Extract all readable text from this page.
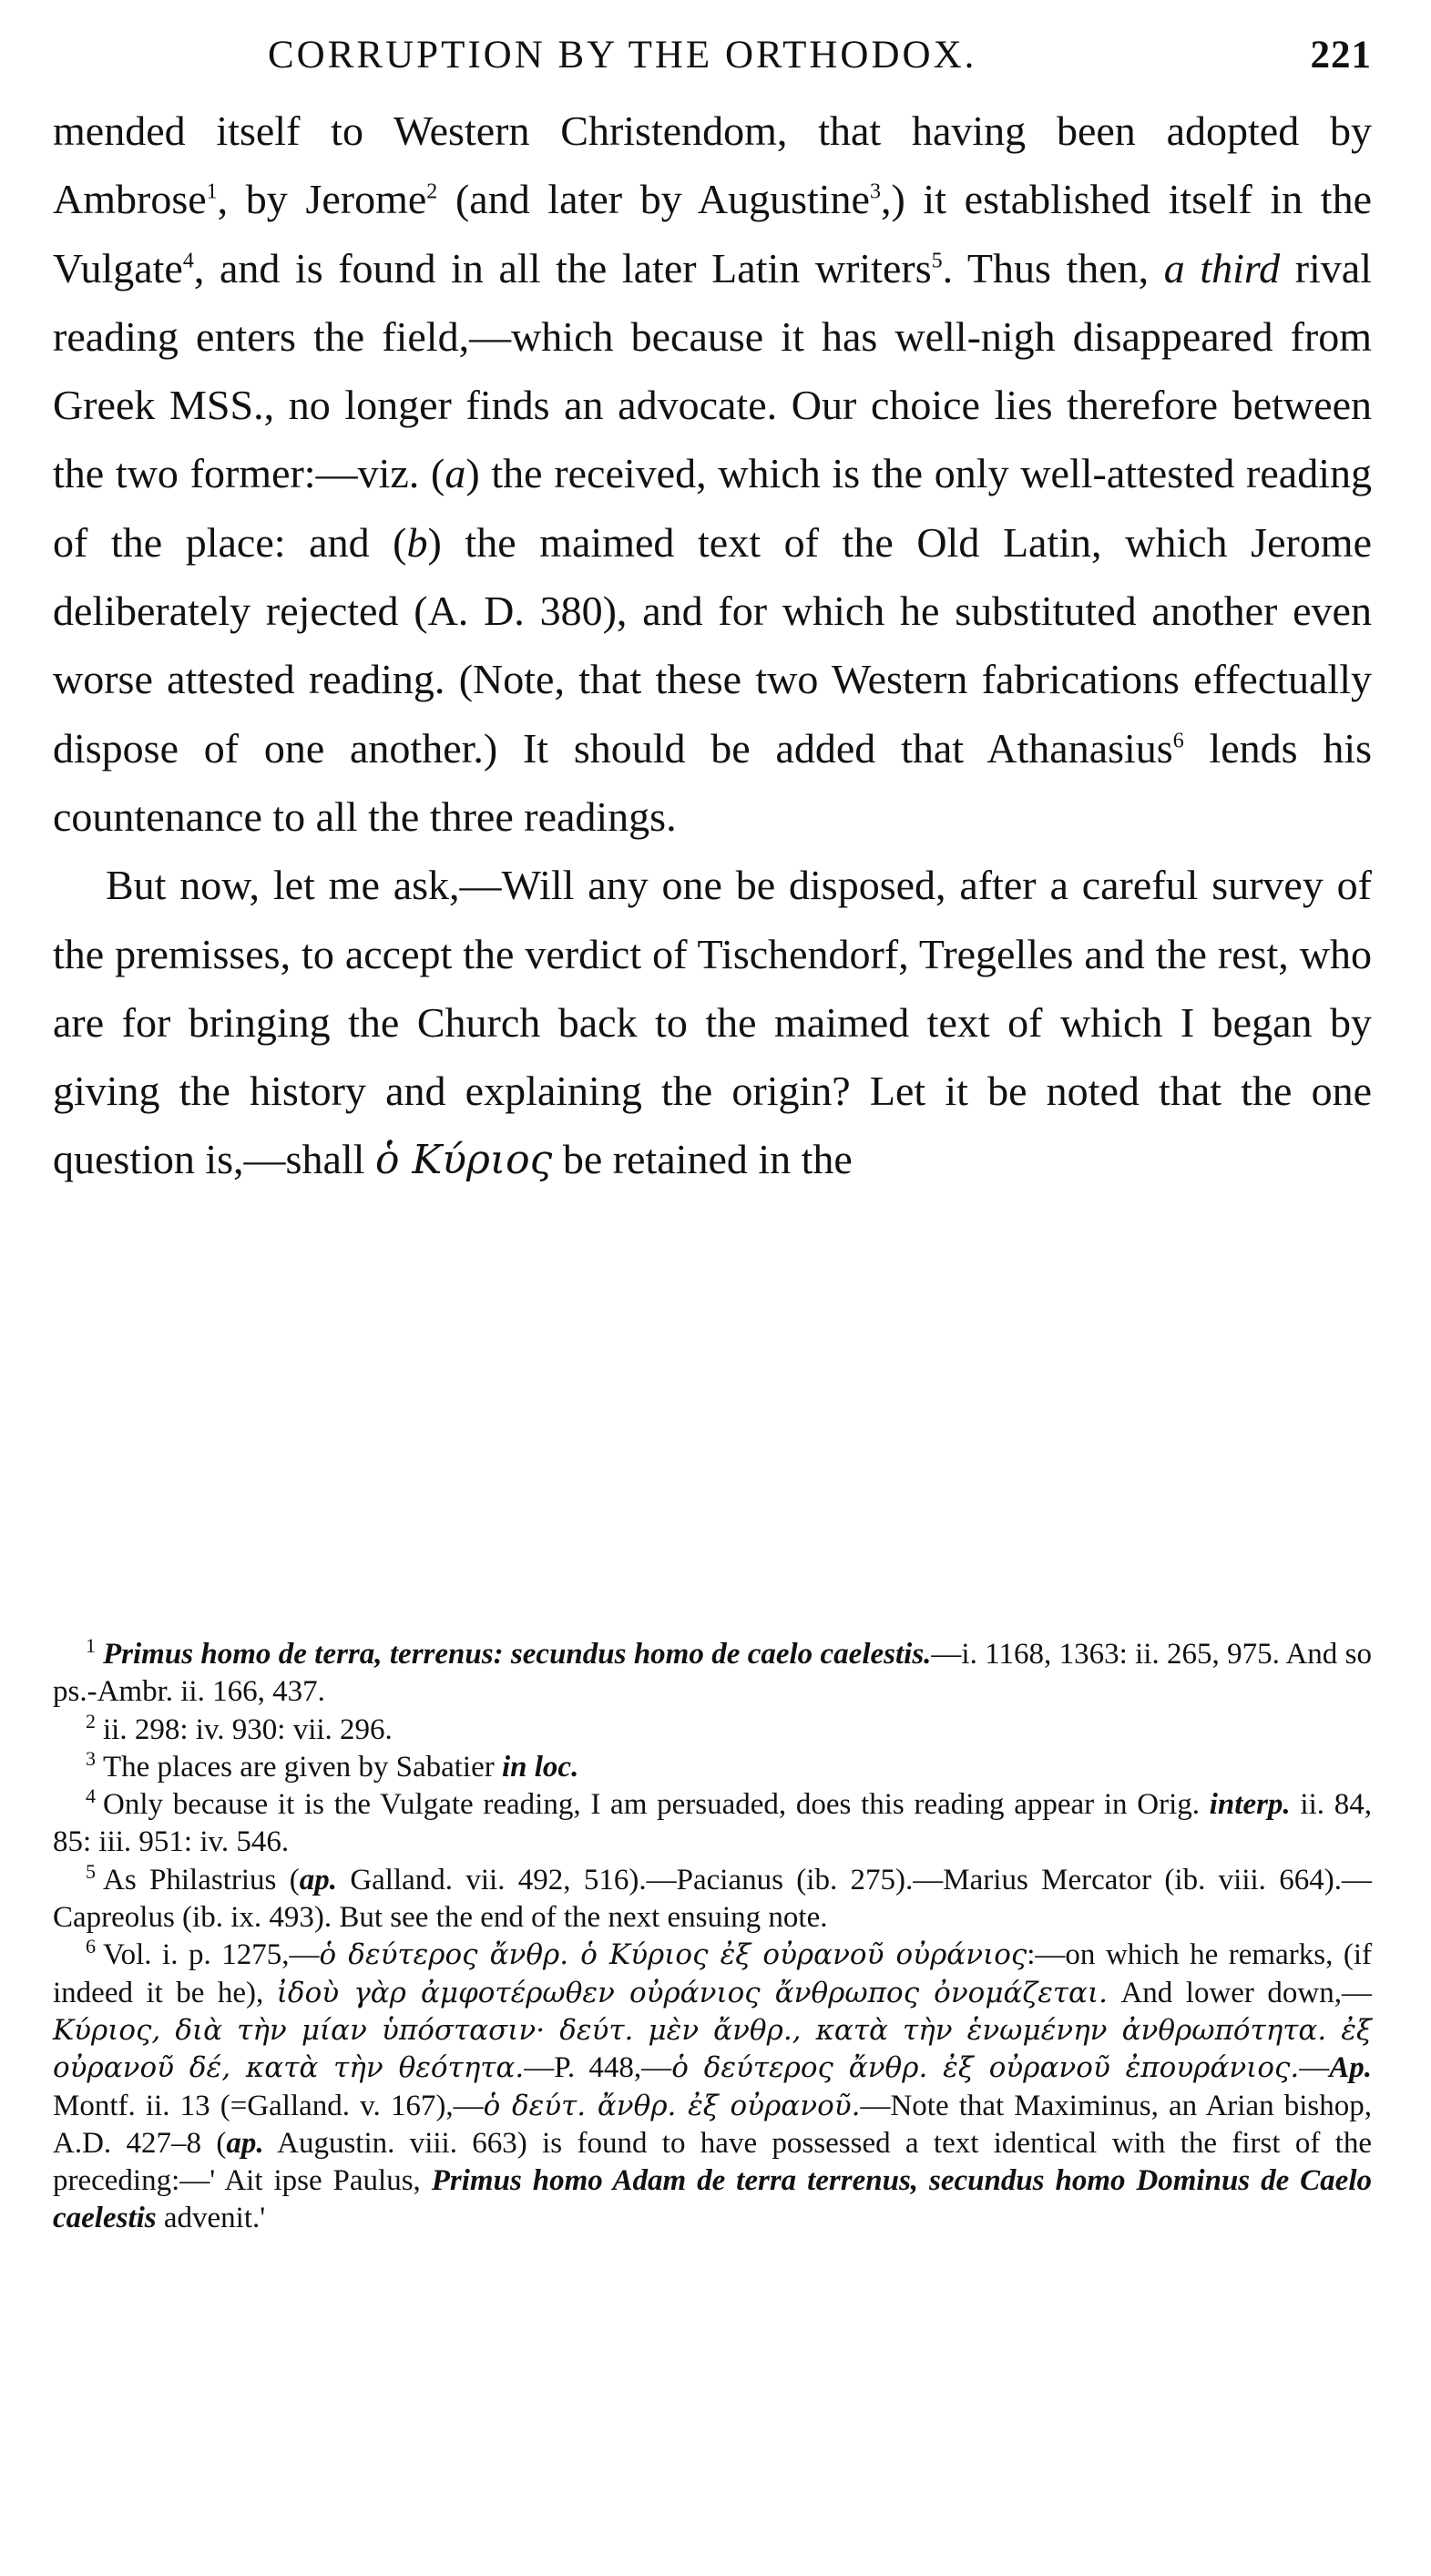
CORRUPTION BY THE ORTHODOX.	221

mended itself to Western Christendom, that having been adopted by Ambrose$^1$, by Jerome$^2$ (and later by Augustine$^3$,) it established itself in the Vulgate$^4$, and is found in all the later Latin writers$^5$. Thus then, a third rival reading enters the field,—which because it has well-nigh disappeared from Greek MSS., no longer finds an advocate. Our choice lies therefore between the two former:—viz. (a) the received, which is the only well-attested reading of the place: and (b) the maimed text of the Old Latin, which Jerome deliberately rejected (A. D. 380), and for which he substituted another even worse attested reading. (Note, that these two Western fabrications effectually dispose of one another.) It should be added that Athanasius$^6$ lends his countenance to all the three readings.

But now, let me ask,—Will any one be disposed, after a careful survey of the premisses, to accept the verdict of Tischendorf, Tregelles and the rest, who are for bringing the Church back to the maimed text of which I began by giving the history and explaining the origin? Let it be noted that the one question is,—shall ὁ Κύριος be retained in the

$^1$ Primus homo de terra, terrenus: secundus homo de caelo caelestis.—i. 1168, 1363: ii. 265, 975. And so ps.-Ambr. ii. 166, 437.

$^2$ ii. 298: iv. 930: vii. 296.

$^3$ The places are given by Sabatier in loc.

$^4$ Only because it is the Vulgate reading, I am persuaded, does this reading appear in Orig. interp. ii. 84, 85: iii. 951: iv. 546.

$^5$ As Philastrius (ap. Galland. vii. 492, 516).—Pacianus (ib. 275).—Marius Mercator (ib. viii. 664).—Capreolus (ib. ix. 493). But see the end of the next ensuing note.

$^6$ Vol. i. p. 1275,—ὁ δεύτερος ἄνθρ. ὁ Κύριος ἐξ οὐρανοῦ οὐράνιος:—on which he remarks, (if indeed it be he), ἰδοὺ γὰρ ἀμφοτέρωθεν οὐράνιος ἄνθρωπος ὀνομάζεται. And lower down,—Κύριος, διὰ τὴν μίαν ὑπόστασιν· δεύτ. μὲν ἄνθρ., κατὰ τὴν ἑνωμένην ἀνθρωπότητα. ἐξ οὐρανοῦ δέ, κατὰ τὴν θεότητα.—P. 448,—ὁ δεύτερος ἄνθρ. ἐξ οὐρανοῦ ἐπουράνιος.—Ap. Montf. ii. 13 (=Galland. v. 167),—ὁ δεύτ. ἄνθρ. ἐξ οὐρανοῦ.—Note that Maximinus, an Arian bishop, A.D. 427–8 (ap. Augustin. viii. 663) is found to have possessed a text identical with the first of the preceding:—' Ait ipse Paulus, Primus homo Adam de terra terrenus, secundus homo Dominus de Caelo caelestis advenit.'
